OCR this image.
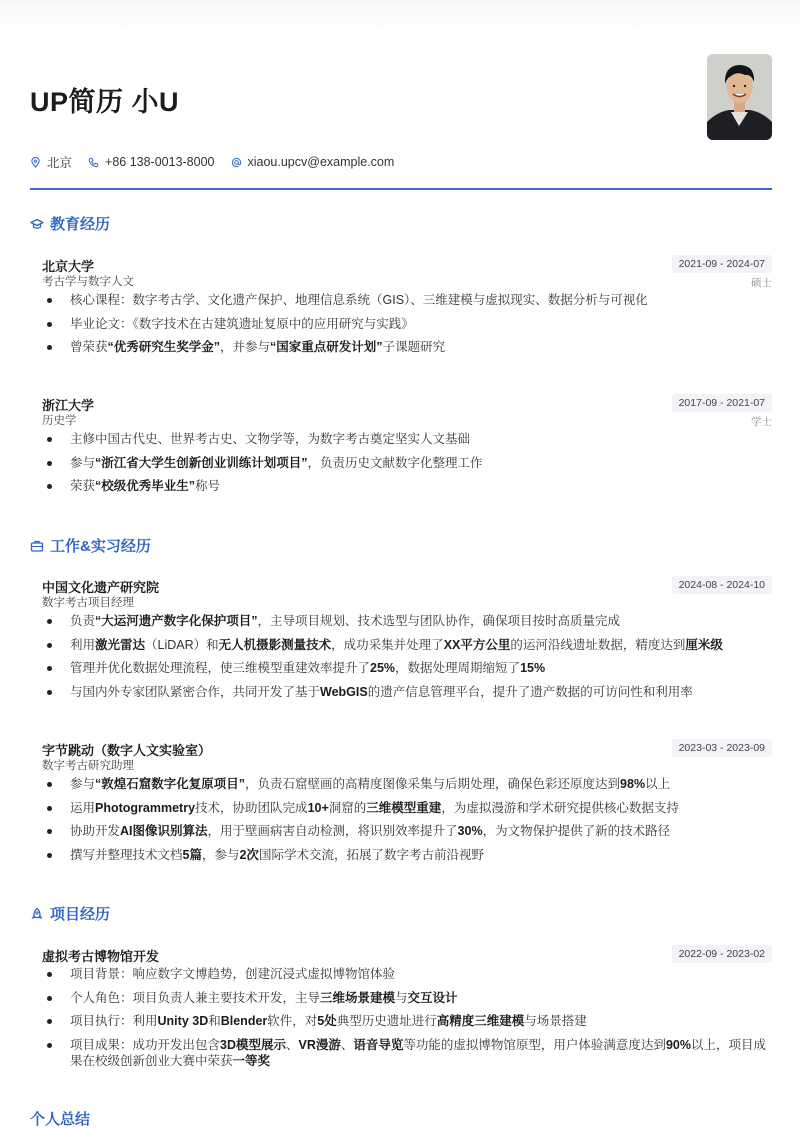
UP简历 小U
北京	+86 138-0013-8000	xiaou.upcv@example.com
教育经历
北京大学	2021-09 - 2024-07
考古学与数字人文	硕士
核心课程：数字考古学、文化遗产保护、地理信息系统（GIS）、三维建模与虚拟现实、数据分析与可视化
毕业论文：《数字技术在古建筑遗址复原中的应用研究与实践》
曾荣获“优秀研究生奖学金”，并参与“国家重点研发计划”子课题研究
浙江大学	2017-09 - 2021-07
历史学	学士
主修中国古代史、世界考古史、文物学等，为数字考古奠定坚实人文基础
参与“浙江省大学生创新创业训练计划项目”，负责历史文献数字化整理工作
荣获“校级优秀毕业生”称号
工作&实习经历
中国文化遗产研究院	2024-08 - 2024-10
数字考古项目经理
负责“大运河遗产数字化保护项目”，主导项目规划、技术选型与团队协作，确保项目按时高质量完成
利用激光雷达（LiDAR）和无人机摄影测量技术，成功采集并处理了XX平方公里的运河沿线遗址数据，精度达到厘米级
管理并优化数据处理流程，使三维模型重建效率提升了25%，数据处理周期缩短了15%
与国内外专家团队紧密合作，共同开发了基于WebGIS的遗产信息管理平台，提升了遗产数据的可访问性和利用率
字节跳动（数字人文实验室）	2023-03 - 2023-09
数字考古研究助理
参与“敦煌石窟数字化复原项目”，负责石窟壁画的高精度图像采集与后期处理，确保色彩还原度达到98%以上
运用Photogrammetry技术，协助团队完成10+洞窟的三维模型重建，为虚拟漫游和学术研究提供核心数据支持
协助开发AI图像识别算法，用于壁画病害自动检测，将识别效率提升了30%，为文物保护提供了新的技术路径
撰写并整理技术文档5篇，参与2次国际学术交流，拓展了数字考古前沿视野
项目经历
虚拟考古博物馆开发	2022-09 - 2023-02
项目背景：响应数字文博趋势，创建沉浸式虚拟博物馆体验
个人角色：项目负责人兼主要技术开发，主导三维场景建模与交互设计
项目执行：利用Unity 3D和Blender软件，对5处典型历史遗址进行高精度三维建模与场景搭建
项目成果：成功开发出包含3D模型展示、VR漫游、语音导览等功能的虚拟博物馆原型，用户体验满意度达到90%以上，项目成果在校级创新创业大赛中荣获一等奖
个人总结
